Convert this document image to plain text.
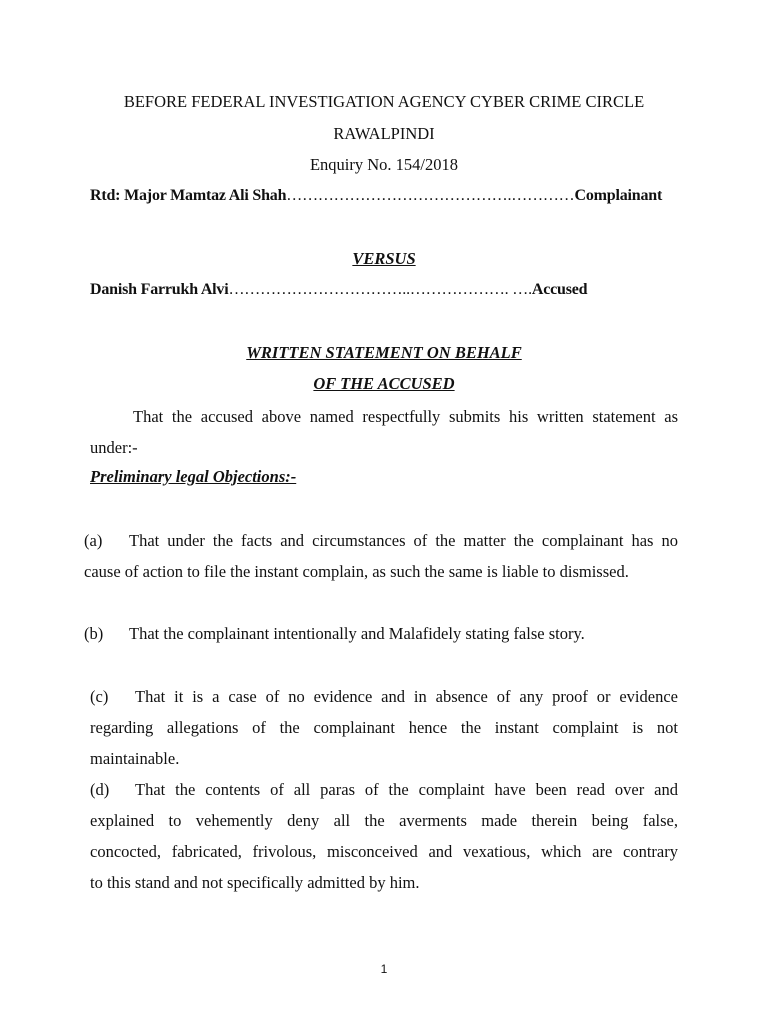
BEFORE FEDERAL INVESTIGATION AGENCY CYBER CRIME CIRCLE
RAWALPINDI
Enquiry No. 154/2018
Rtd: Major Mamtaz Ali Shah…………………………………….…………Complainant
VERSUS
Danish Farrukh Alvi……………………………..………………. ….Accused
WRITTEN STATEMENT ON BEHALF
OF THE ACCUSED
That the accused above named respectfully submits his written statement as
under:-
Preliminary legal Objections:-
(a) That under the facts and circumstances of the matter the complainant has no
cause of action to file the instant complain, as such the same is liable to dismissed.
(b) That the complainant intentionally and Malafidely stating false story.
(c) That it is a case of no evidence and in absence of any proof or evidence
regarding allegations of the complainant hence the instant complaint is not
maintainable.
(d) That the contents of all paras of the complaint have been read over and
explained to vehemently deny all the averments made therein being false,
concocted, fabricated, frivolous, misconceived and vexatious, which are contrary
to this stand and not specifically admitted by him.
1
